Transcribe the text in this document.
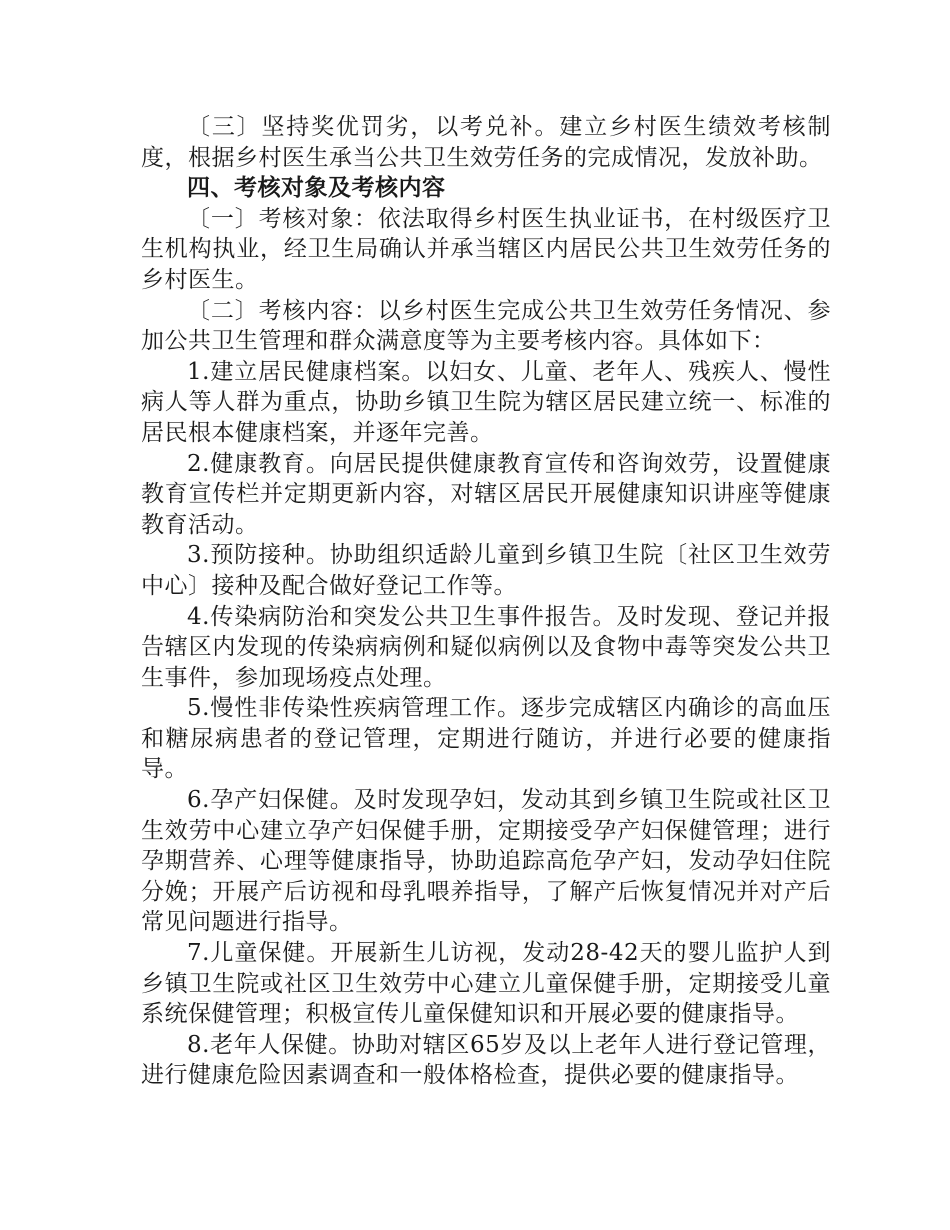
〔三〕坚持奖优罚劣，以考兑补。建立乡村医生绩效考核制度，根据乡村医生承当公共卫生效劳任务的完成情况，发放补助。

四、考核对象及考核内容

〔一〕考核对象：依法取得乡村医生执业证书，在村级医疗卫生机构执业，经卫生局确认并承当辖区内居民公共卫生效劳任务的乡村医生。

〔二〕考核内容：以乡村医生完成公共卫生效劳任务情况、参加公共卫生管理和群众满意度等为主要考核内容。具体如下：

1.建立居民健康档案。以妇女、儿童、老年人、残疾人、慢性病人等人群为重点，协助乡镇卫生院为辖区居民建立统一、标准的居民根本健康档案，并逐年完善。

2.健康教育。向居民提供健康教育宣传和咨询效劳，设置健康教育宣传栏并定期更新内容，对辖区居民开展健康知识讲座等健康教育活动。

3.预防接种。协助组织适龄儿童到乡镇卫生院〔社区卫生效劳中心〕接种及配合做好登记工作等。

4.传染病防治和突发公共卫生事件报告。及时发现、登记并报告辖区内发现的传染病病例和疑似病例以及食物中毒等突发公共卫生事件，参加现场疫点处理。

5.慢性非传染性疾病管理工作。逐步完成辖区内确诊的高血压和糖尿病患者的登记管理，定期进行随访，并进行必要的健康指导。

6.孕产妇保健。及时发现孕妇，发动其到乡镇卫生院或社区卫生效劳中心建立孕产妇保健手册，定期接受孕产妇保健管理；进行孕期营养、心理等健康指导，协助追踪高危孕产妇，发动孕妇住院分娩；开展产后访视和母乳喂养指导，了解产后恢复情况并对产后常见问题进行指导。

7.儿童保健。开展新生儿访视，发动28-42天的婴儿监护人到乡镇卫生院或社区卫生效劳中心建立儿童保健手册，定期接受儿童系统保健管理；积极宣传儿童保健知识和开展必要的健康指导。

8.老年人保健。协助对辖区65岁及以上老年人进行登记管理，进行健康危险因素调查和一般体格检查，提供必要的健康指导。
